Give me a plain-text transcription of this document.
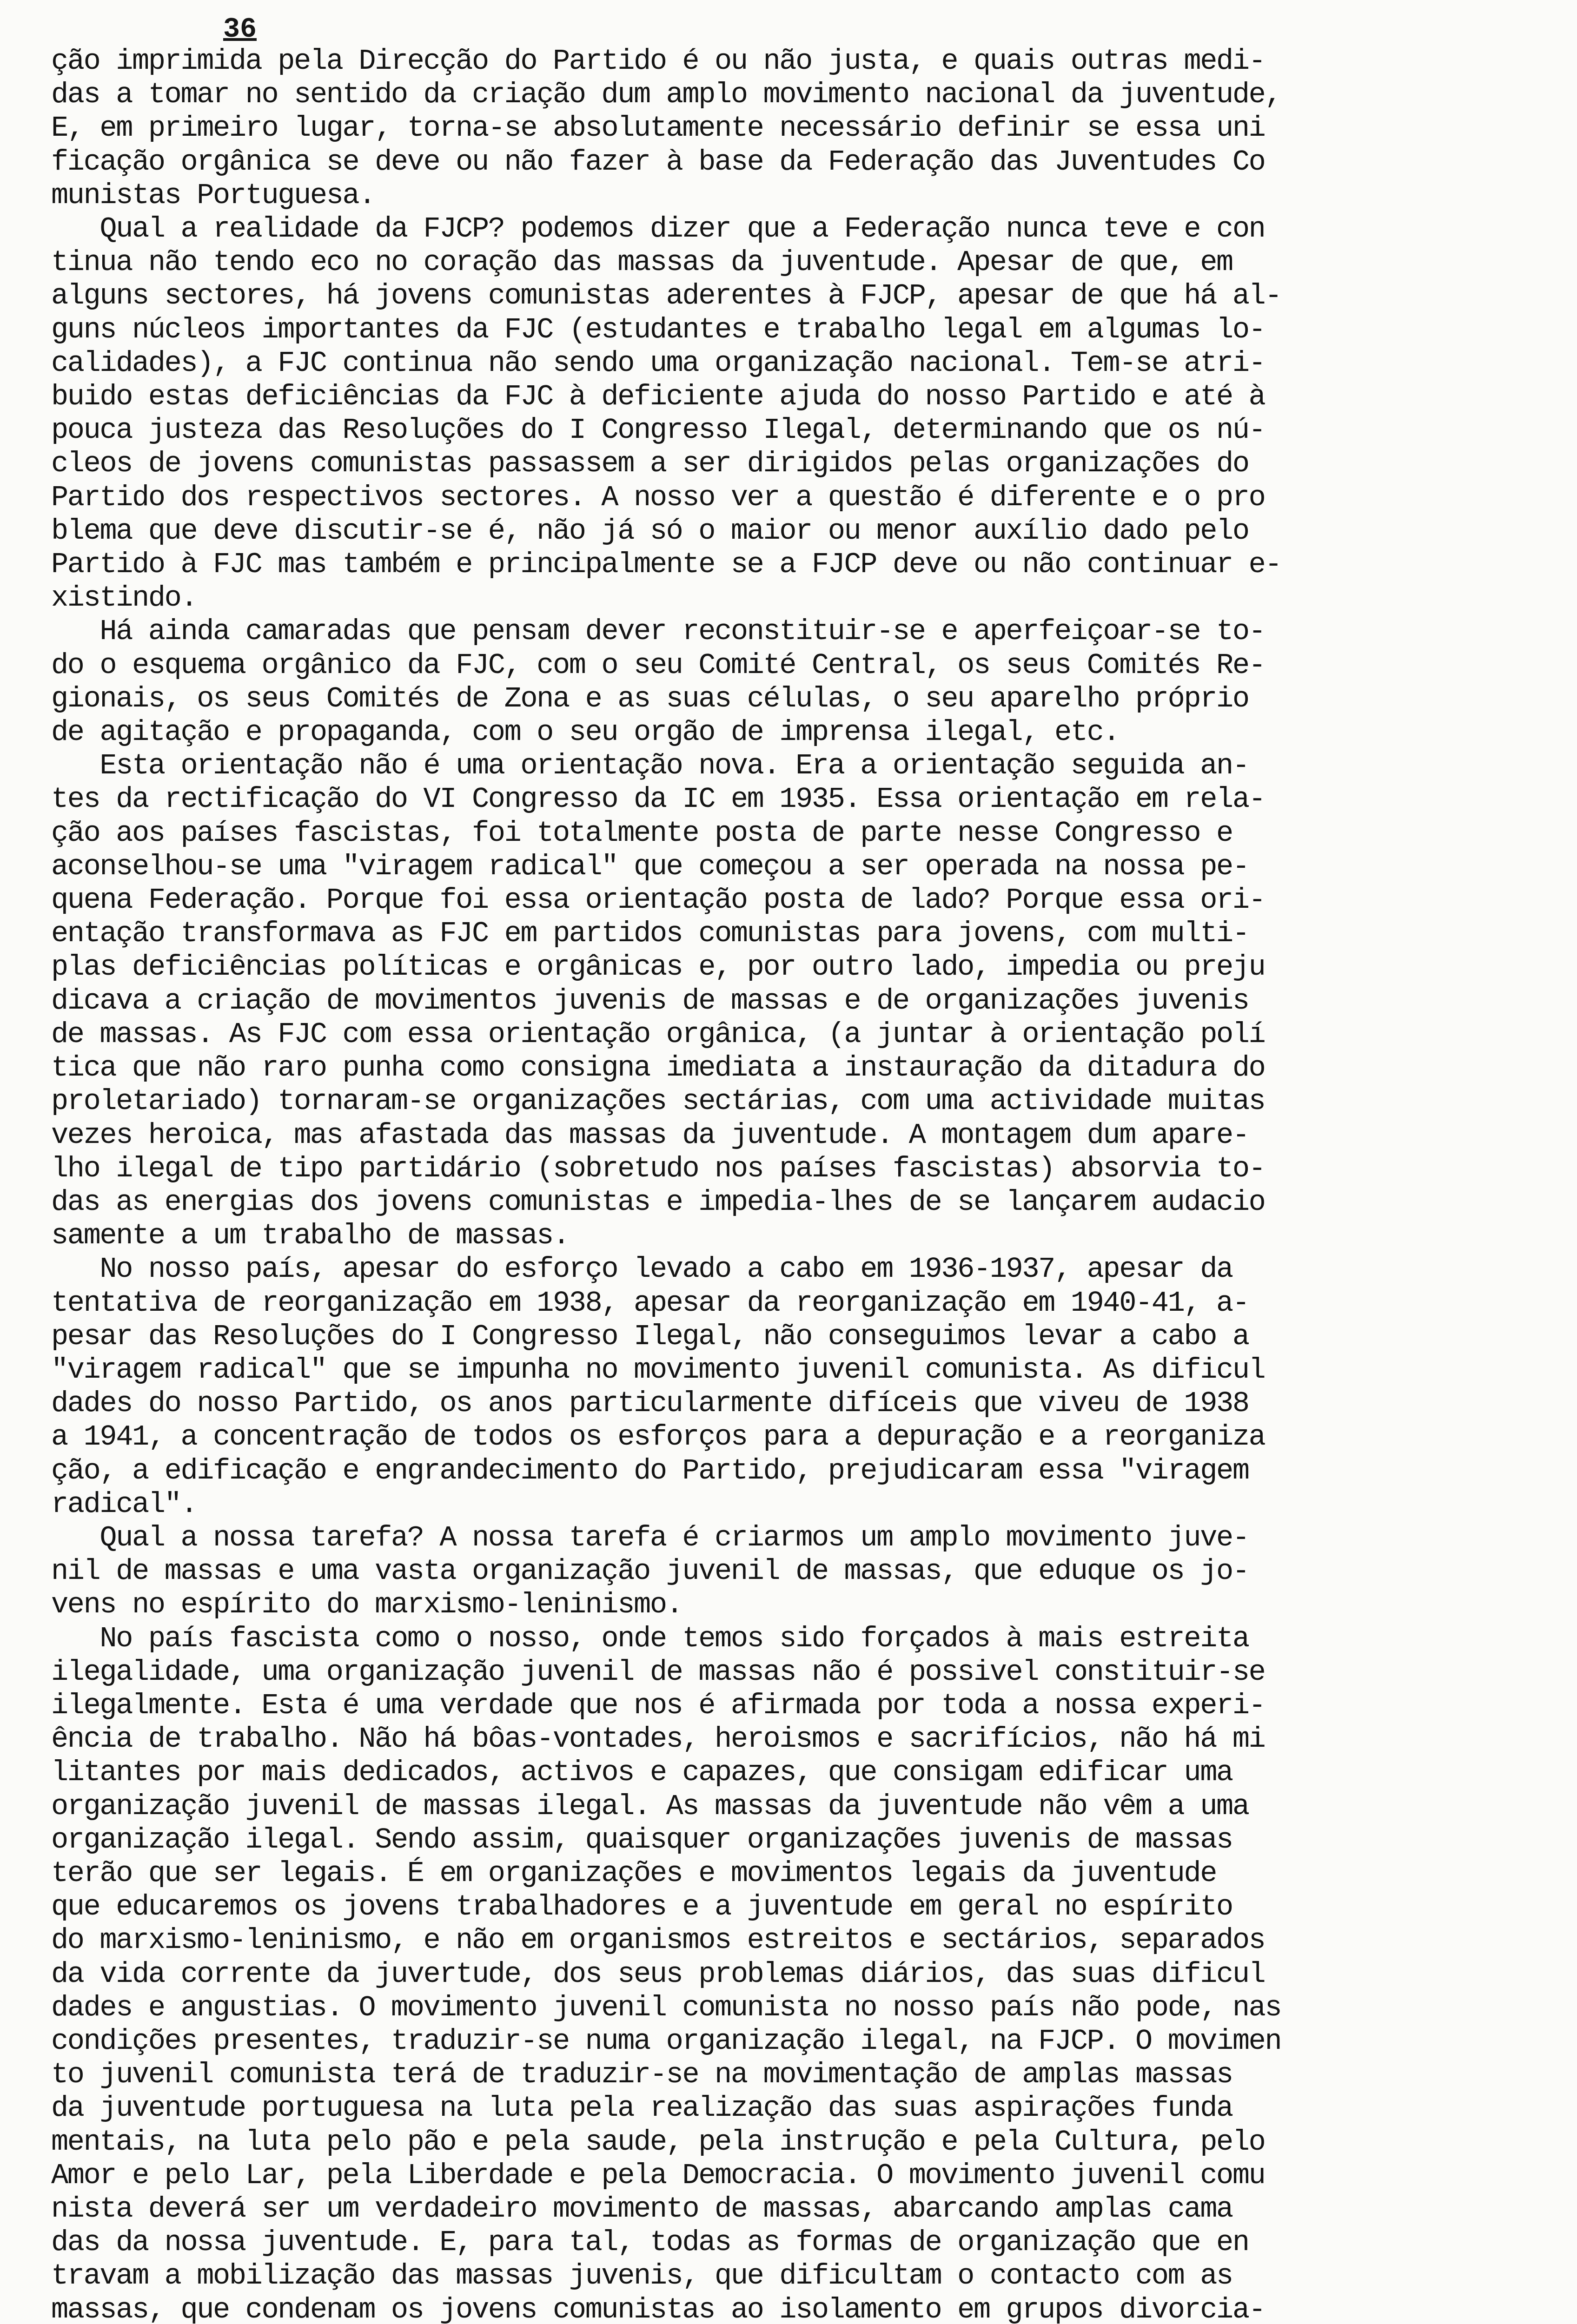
36
ção imprimida pela Direcção do Partido é ou não justa, e quais outras medi-
das a tomar no sentido da criação dum amplo movimento nacional da juventude,
E, em primeiro lugar, torna-se absolutamente necessário definir se essa uni
ficação orgânica se deve ou não fazer à base da Federação das Juventudes Co
munistas Portuguesa.
Qual a realidade da FJCP? podemos dizer que a Federação nunca teve e con
tinua não tendo eco no coração das massas da juventude. Apesar de que, em
alguns sectores, há jovens comunistas aderentes à FJCP, apesar de que há al-
guns núcleos importantes da FJC (estudantes e trabalho legal em algumas lo-
calidades), a FJC continua não sendo uma organização nacional. Tem-se atri-
buido estas deficiências da FJC à deficiente ajuda do nosso Partido e até à
pouca justeza das Resoluções do I Congresso Ilegal, determinando que os nú-
cleos de jovens comunistas passassem a ser dirigidos pelas organizações do
Partido dos respectivos sectores. A nosso ver a questão é diferente e o pro
blema que deve discutir-se é, não já só o maior ou menor auxílio dado pelo
Partido à FJC mas também e principalmente se a FJCP deve ou não continuar e-
xistindo.
Há ainda camaradas que pensam dever reconstituir-se e aperfeiçoar-se to-
do o esquema orgânico da FJC, com o seu Comité Central, os seus Comités Re-
gionais, os seus Comités de Zona e as suas células, o seu aparelho próprio
de agitação e propaganda, com o seu orgão de imprensa ilegal, etc.
Esta orientação não é uma orientação nova. Era a orientação seguida an-
tes da rectificação do VI Congresso da IC em 1935. Essa orientação em rela-
ção aos países fascistas, foi totalmente posta de parte nesse Congresso e
aconselhou-se uma "viragem radical" que começou a ser operada na nossa pe-
quena Federação. Porque foi essa orientação posta de lado? Porque essa ori-
entação transformava as FJC em partidos comunistas para jovens, com multi-
plas deficiências políticas e orgânicas e, por outro lado, impedia ou preju
dicava a criação de movimentos juvenis de massas e de organizações juvenis
de massas. As FJC com essa orientação orgânica, (a juntar à orientação polí
tica que não raro punha como consigna imediata a instauração da ditadura do
proletariado) tornaram-se organizações sectárias, com uma actividade muitas
vezes heroica, mas afastada das massas da juventude. A montagem dum apare-
lho ilegal de tipo partidário (sobretudo nos países fascistas) absorvia to-
das as energias dos jovens comunistas e impedia-lhes de se lançarem audacio
samente a um trabalho de massas.
No nosso país, apesar do esforço levado a cabo em 1936-1937, apesar da
tentativa de reorganização em 1938, apesar da reorganização em 1940-41, a-
pesar das Resoluções do I Congresso Ilegal, não conseguimos levar a cabo a
"viragem radical" que se impunha no movimento juvenil comunista. As dificul
dades do nosso Partido, os anos particularmente difíceis que viveu de 1938
a 1941, a concentração de todos os esforços para a depuração e a reorganiza
ção, a edificação e engrandecimento do Partido, prejudicaram essa "viragem
radical".
Qual a nossa tarefa? A nossa tarefa é criarmos um amplo movimento juve-
nil de massas e uma vasta organização juvenil de massas, que eduque os jo-
vens no espírito do marxismo-leninismo.
No país fascista como o nosso, onde temos sido forçados à mais estreita
ilegalidade, uma organização juvenil de massas não é possivel constituir-se
ilegalmente. Esta é uma verdade que nos é afirmada por toda a nossa experi-
ência de trabalho. Não há bôas-vontades, heroismos e sacrifícios, não há mi
litantes por mais dedicados, activos e capazes, que consigam edificar uma
organização juvenil de massas ilegal. As massas da juventude não vêm a uma
organização ilegal. Sendo assim, quaisquer organizações juvenis de massas
terão que ser legais. É em organizações e movimentos legais da juventude
que educaremos os jovens trabalhadores e a juventude em geral no espírito
do marxismo-leninismo, e não em organismos estreitos e sectários, separados
da vida corrente da juvertude, dos seus problemas diários, das suas dificul
dades e angustias. O movimento juvenil comunista no nosso país não pode, nas
condições presentes, traduzir-se numa organização ilegal, na FJCP. O movimen
to juvenil comunista terá de traduzir-se na movimentação de amplas massas
da juventude portuguesa na luta pela realização das suas aspirações funda
mentais, na luta pelo pão e pela saude, pela instrução e pela Cultura, pelo
Amor e pelo Lar, pela Liberdade e pela Democracia. O movimento juvenil comu
nista deverá ser um verdadeiro movimento de massas, abarcando amplas cama
das da nossa juventude. E, para tal, todas as formas de organização que en
travam a mobilização das massas juvenis, que dificultam o contacto com as
massas, que condenam os jovens comunistas ao isolamento em grupos divorcia-
